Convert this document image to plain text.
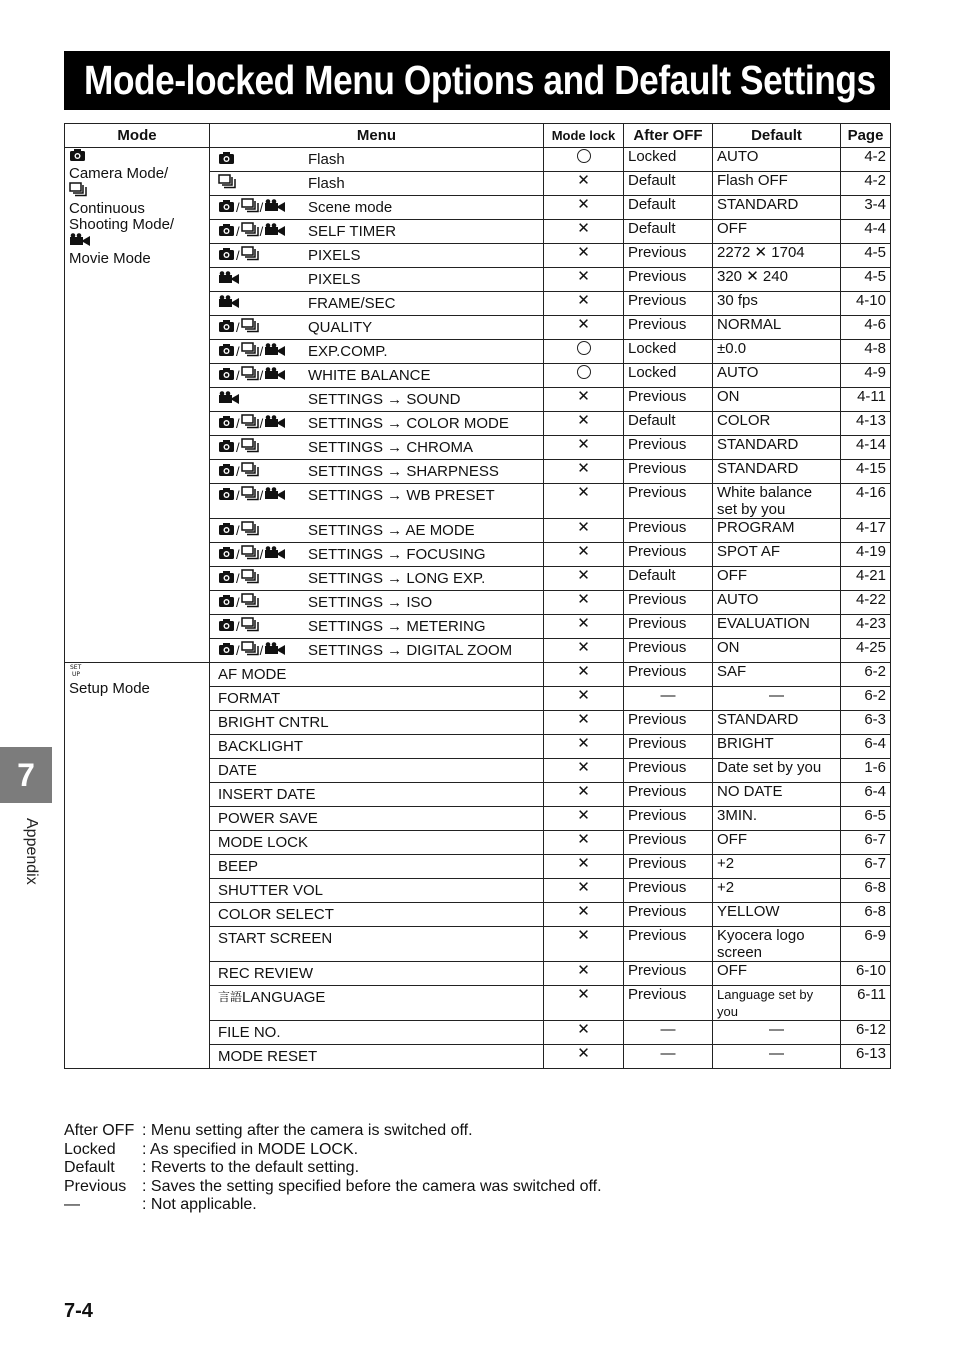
Mode-locked Menu Options and Default Settings
Mode	Menu	Mode lock	After OFF	Default	Page

Camera Mode/
Continuous
Shooting Mode/
Movie Mode	Flash		Locked	AUTO	4-2

	Flash	✕	Default	Flash OFF	4-2

	/ / Scene mode	✕	Default	STANDARD	3-4

	/ / SELF TIMER	✕	Default	OFF	4-4

	/ PIXELS	✕	Previous	2272 ✕ 1704	4-5

	PIXELS	✕	Previous	320 ✕ 240	4-5

	FRAME/SEC	✕	Previous	30 fps	4-10

	/ QUALITY	✕	Previous	NORMAL	4-6

	/ / EXP.COMP.		Locked	±0.0	4-8

	/ / WHITE BALANCE		Locked	AUTO	4-9

	SETTINGS → SOUND	✕	Previous	ON	4-11

	/ / SETTINGS → COLOR MODE	✕	Default	COLOR	4-13

	/ SETTINGS → CHROMA	✕	Previous	STANDARD	4-14

	/ SETTINGS → SHARPNESS	✕	Previous	STANDARD	4-15

	/ / SETTINGS → WB PRESET	✕	Previous	White balance set by you	4-16

	/ SETTINGS → AE MODE	✕	Previous	PROGRAM	4-17

	/ / SETTINGS → FOCUSING	✕	Previous	SPOT AF	4-19

	/ SETTINGS → LONG EXP.	✕	Default	OFF	4-21

	/ SETTINGS → ISO	✕	Previous	AUTO	4-22

	/ SETTINGS → METERING	✕	Previous	EVALUATION	4-23

	/ / SETTINGS → DIGITAL ZOOM	✕	Previous	ON	4-25

SET
UP
Setup Mode	AF MODE	✕	Previous	SAF	6-2

	FORMAT	✕	—	—	6-2

	BRIGHT CNTRL	✕	Previous	STANDARD	6-3

	BACKLIGHT	✕	Previous	BRIGHT	6-4

	DATE	✕	Previous	Date set by you	1-6

	INSERT DATE	✕	Previous	NO DATE	6-4

	POWER SAVE	✕	Previous	3MIN.	6-5

	MODE LOCK	✕	Previous	OFF	6-7

	BEEP	✕	Previous	+2	6-7

	SHUTTER VOL	✕	Previous	+2	6-8

	COLOR SELECT	✕	Previous	YELLOW	6-8

	START SCREEN	✕	Previous	Kyocera logo screen	6-9

	REC REVIEW	✕	Previous	OFF	6-10

	言語 LANGUAGE	✕	Previous	Language set by you	6-11

	FILE NO.	✕	—	—	6-12

	MODE RESET	✕	—	—	6-13
7
Appendix
After OFF : Menu setting after the camera is switched off.
Locked	: As specified in MODE LOCK.
Default	: Reverts to the default setting.
Previous : Saves the setting specified before the camera was switched off.
—	: Not applicable.
7-4
